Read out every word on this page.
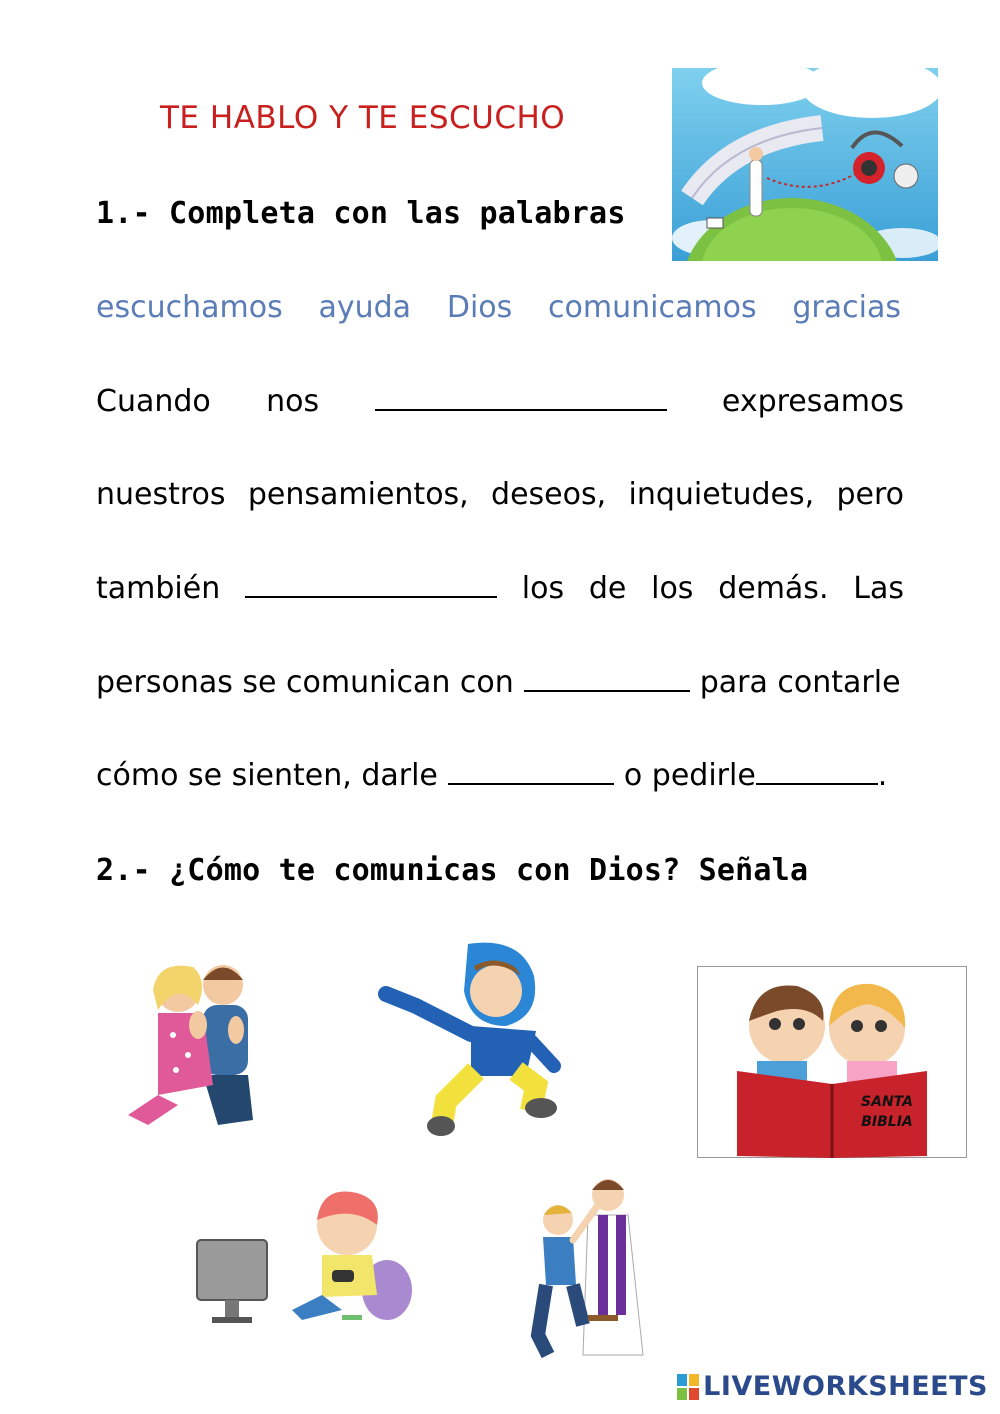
TE HABLO Y TE ESCUCHO
1.- Completa con las palabras
escuchamos ayuda Dios comunicamos gracias
Cuando nos	expresamos
nuestros pensamientos, deseos, inquietudes, pero
también	los de los demás. Las
personas se comunican con	para contarle
cómo se sienten, darle	o pedirle	.
2.- ¿Cómo te comunicas con Dios? Señala
SANTA
BIBLIA
LIVEWORKSHEETS
